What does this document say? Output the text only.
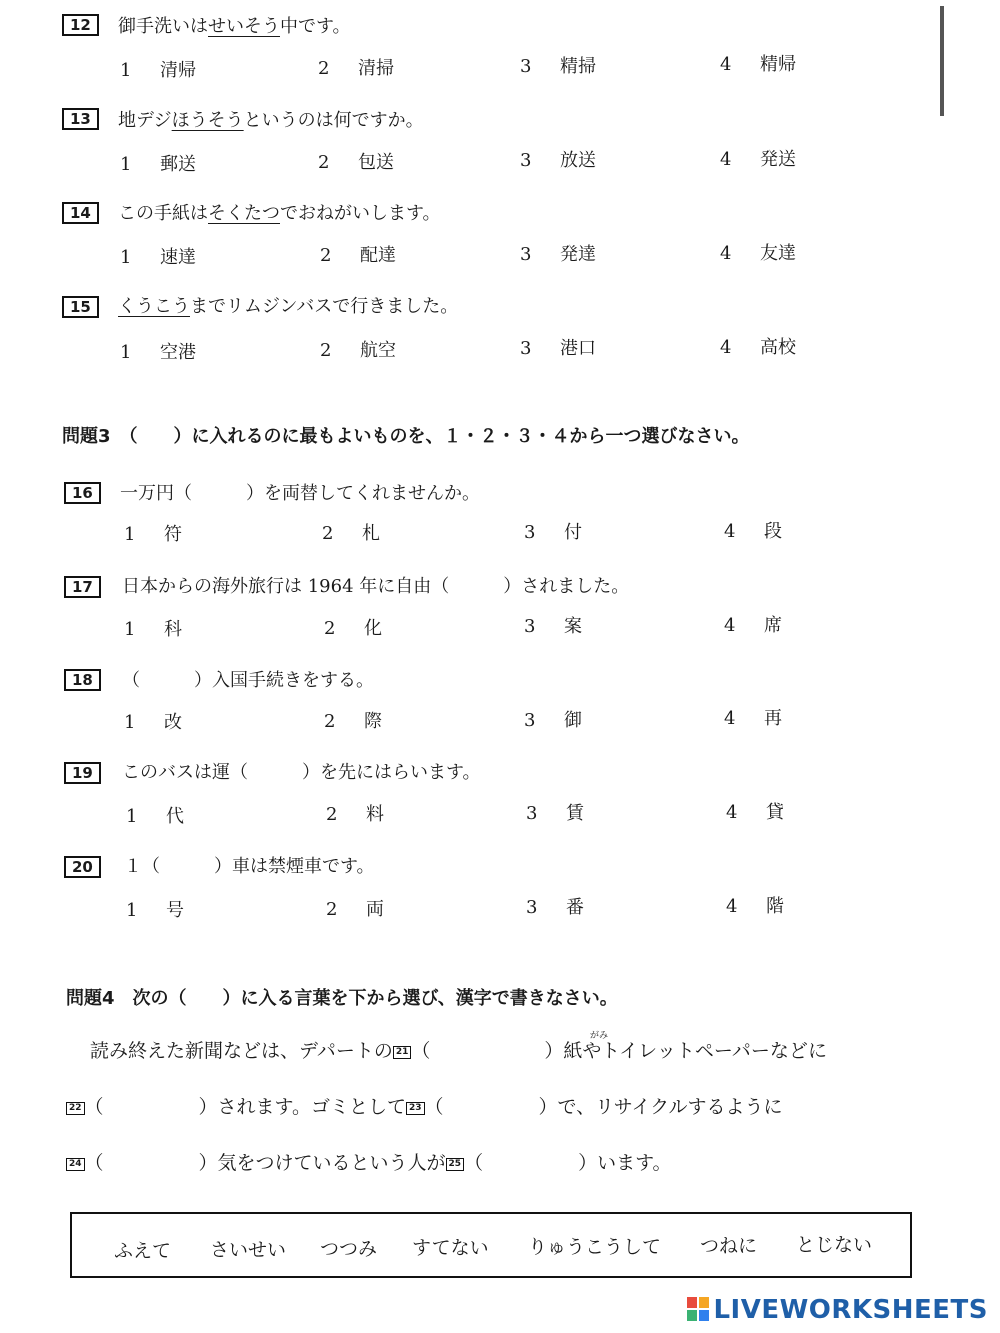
12	御手洗いはせいそう中です。
1 清帰	2 清掃	3 精掃	4 精帰
13	地デジほうそうというのは何ですか。
1 郵送	2 包送	3 放送	4 発送
14	この手紙はそくたつでおねがいします。
1 速達	2 配達	3 発達	4 友達
15	くうこうまでリムジンバスで行きました。
1 空港	2 航空	3 港口	4 高校
問題3　（　　）に入れるのに最もよいものを、１・２・３・４から一つ選びなさい。
16	一万円（　　　）を両替してくれませんか。
1 符	2 札	3 付	4 段
17	日本からの海外旅行は 1964 年に自由（　　　）されました。
1 科	2 化	3 案	4 席
18	（　　　）入国手続きをする。
1 改	2 際	3 御	4 再
19	このバスは運（　　　）を先にはらいます。
1 代	2 料	3 賃	4 貸
20	１（　　　）車は禁煙車です。
1 号	2 両	3 番	4 階
問題4　次の（　　）に入る言葉を下から選び、漢字で書きなさい。
がみ
読み終えた新聞などは、デパートの 21 （　　　　　　）紙やトイレットペーパーなどに
22 （　　　　　）されます。ゴミとして 23 （　　　　　）で、リサイクルするように
24 （　　　　　）気をつけているという人が 25 （　　　　　）います。
ふえて さいせい つつみ すてない りゅうこうして つねに とじない
LIVEWORKSHEETS
